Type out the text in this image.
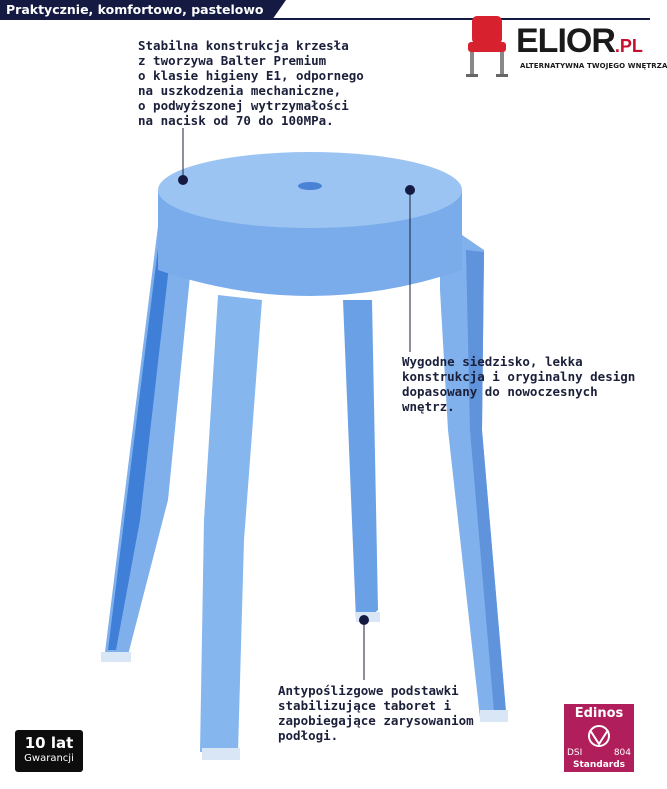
Praktycznie, komfortowo, pastelowo
ELIOR.PL
ALTERNATYWNA TWOJEGO WNĘTRZA
Stabilna konstrukcja krzesła
z tworzywa Balter Premium
o klasie higieny E1, odpornego
na uszkodzenia mechaniczne,
o podwyższonej wytrzymałości
na nacisk od 70 do 100MPa.
Wygodne siedzisko, lekka
konstrukcja i oryginalny design
dopasowany do nowoczesnych
wnętrz.
Antypoślizgowe podstawki
stabilizujące taboret i
zapobiegające zarysowaniom
podłogi.
10 lat
Gwarancji
Edinos
DSI	804
Standards
